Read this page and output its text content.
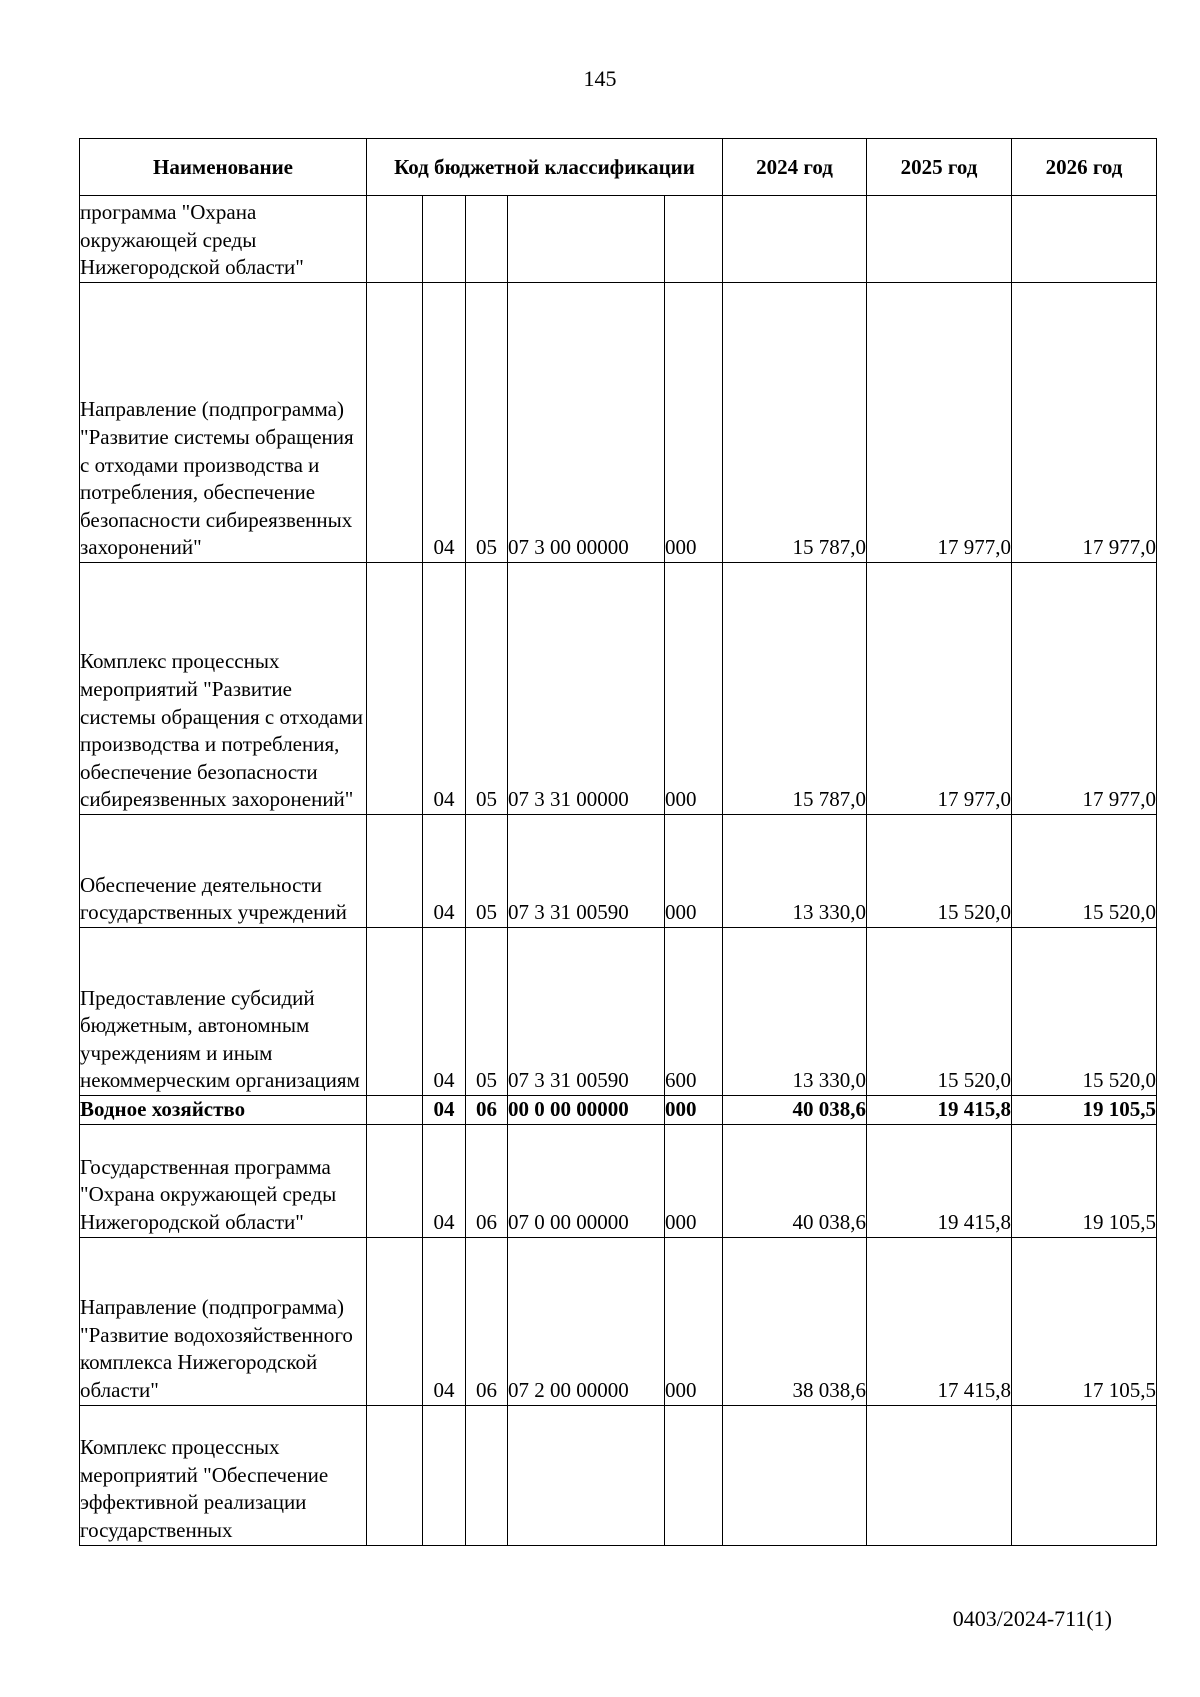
145
Наименование	Код бюджетной классификации					2024 год	2025 год	2026 год
программа "Охрана окружающей среды Нижегородской области"								
Направление (подпрограмма) "Развитие системы обращения с отходами производства и потребления, обеспечение безопасности сибиреязвенных захоронений"		04	05	07 3 00 00000	000	15 787,0	17 977,0	17 977,0
Комплекс процессных мероприятий "Развитие системы обращения с отходами производства и потребления, обеспечение безопасности сибиреязвенных захоронений"		04	05	07 3 31 00000	000	15 787,0	17 977,0	17 977,0
Обеспечение деятельности государственных учреждений		04	05	07 3 31 00590	000	13 330,0	15 520,0	15 520,0
Предоставление субсидий бюджетным, автономным учреждениям и иным некоммерческим организациям		04	05	07 3 31 00590	600	13 330,0	15 520,0	15 520,0
Водное хозяйство		04	06	00 0 00 00000	000	40 038,6	19 415,8	19 105,5
Государственная программа "Охрана окружающей среды Нижегородской области"		04	06	07 0 00 00000	000	40 038,6	19 415,8	19 105,5
Направление (подпрограмма) "Развитие водохозяйственного комплекса Нижегородской области"		04	06	07 2 00 00000	000	38 038,6	17 415,8	17 105,5
Комплекс процессных мероприятий "Обеспечение эффективной реализации государственных								
0403/2024-711(1)
